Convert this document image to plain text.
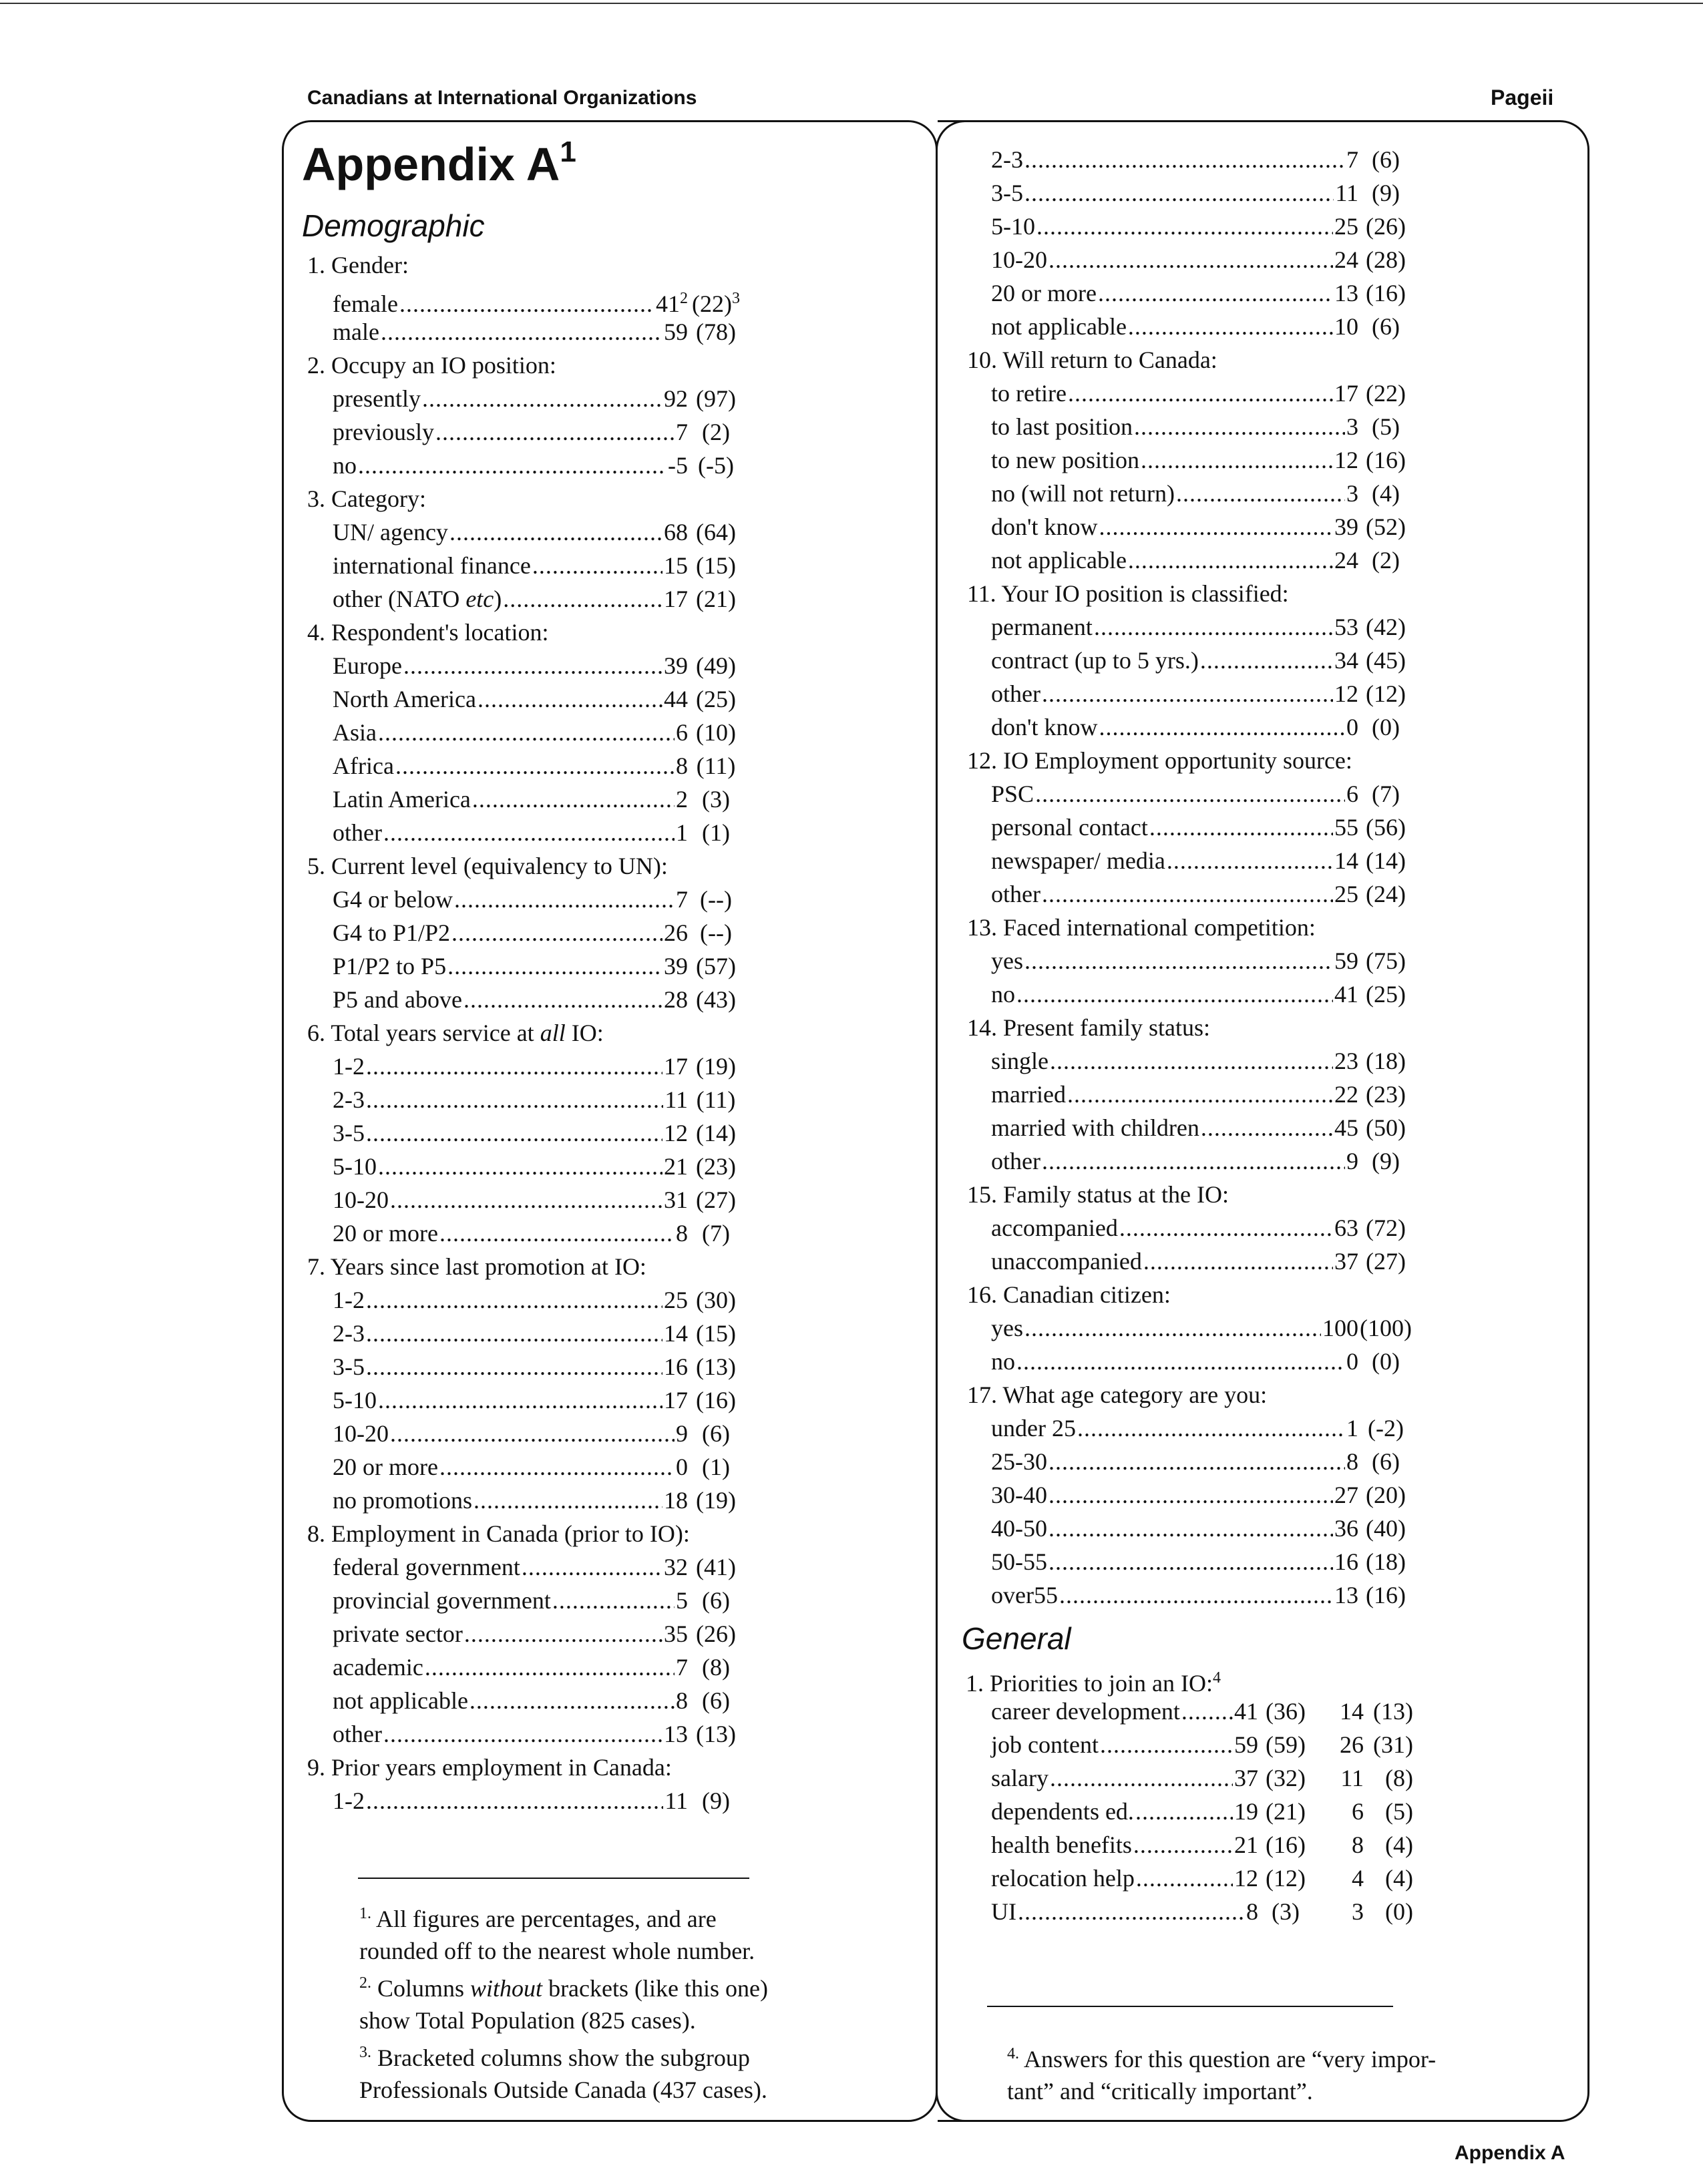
Canadians at International Organizations	Pageii
Appendix $A^1$
Demographic
1. Gender:
female .....	$41^2$ $(22)^3$
male .....	59 (78)
2. Occupy an IO position:
presently .....	92 (97)
previously .....	7 (2)
no .....	-5 (-5)
3. Category:
UN/ agency .....	68 (64)
international finance .....	15 (15)
other (NATO etc) .....	17 (21)
4. Respondent's location:
Europe .....	39 (49)
North America .....	44 (25)
Asia .....	6 (10)
Africa .....	8 (11)
Latin America .....	2 (3)
other .....	1 (1)
5. Current level (equivalency to UN):
G4 or below .....	7 (--)
G4 to P1/P2 .....	26 (--)
P1/P2 to P5 .....	39 (57)
P5 and above .....	28 (43)
6. Total years service at all IO:
1-2 .....	17 (19)
2-3 .....	11 (11)
3-5 .....	12 (14)
5-10 .....	21 (23)
10-20 .....	31 (27)
20 or more .....	8 (7)
7. Years since last promotion at IO:
1-2 .....	25 (30)
2-3 .....	14 (15)
3-5 .....	16 (13)
5-10 .....	17 (16)
10-20 .....	9 (6)
20 or more .....	0 (1)
no promotions .....	18 (19)
8. Employment in Canada (prior to IO):
federal government .....	32 (41)
provincial government .....	5 (6)
private sector .....	35 (26)
academic .....	7 (8)
not applicable .....	8 (6)
other .....	13 (13)
9. Prior years employment in Canada:
1-2 .....	11 (9)
$^{1.}$ All figures are percentages, and are
rounded off to the nearest whole number.
$^{2.}$ Columns without brackets (like this one)
show Total Population (825 cases).
$^{3.}$ Bracketed columns show the subgroup
Professionals Outside Canada (437 cases).
2-3 .....	7 (6)
3-5 .....	11 (9)
5-10 .....	25 (26)
10-20 .....	24 (28)
20 or more .....	13 (16)
not applicable .....	10 (6)
10. Will return to Canada:
to retire .....	17 (22)
to last position .....	3 (5)
to new position .....	12 (16)
no (will not return) .....	3 (4)
don't know .....	39 (52)
not applicable .....	24 (2)
11. Your IO position is classified:
permanent .....	53 (42)
contract (up to 5 yrs.) .....	34 (45)
other .....	12 (12)
don't know .....	0 (0)
12. IO Employment opportunity source:
PSC .....	6 (7)
personal contact .....	55 (56)
newspaper/ media .....	14 (14)
other .....	25 (24)
13. Faced international competition:
yes .....	59 (75)
no .....	41 (25)
14. Present family status:
single .....	23 (18)
married .....	22 (23)
married with children .....	45 (50)
other .....	9 (9)
15. Family status at the IO:
accompanied .....	63 (72)
unaccompanied .....	37 (27)
16. Canadian citizen:
yes .....	100 (100)
no .....	0 (0)
17. What age category are you:
under 25 .....	1 (-2)
25-30 .....	8 (6)
30-40 .....	27 (20)
40-50 .....	36 (40)
50-55 .....	16 (18)
over55 .....	13 (16)
General
1. Priorities to join an IO:$^4$
career development ..... 41 (36)	14 (13)
job content .....	59 (59)	26 (31)
salary .....	37 (32)	11 (8)
dependents ed. .....	19 (21)	6 (5)
health benefits .....	21 (16)	8 (4)
relocation help .....	12 (12)	4 (4)
UI .....	8 (3)	3 (0)
$^{4.}$ Answers for this question are “very impor-
tant” and “critically important”.
Appendix A
